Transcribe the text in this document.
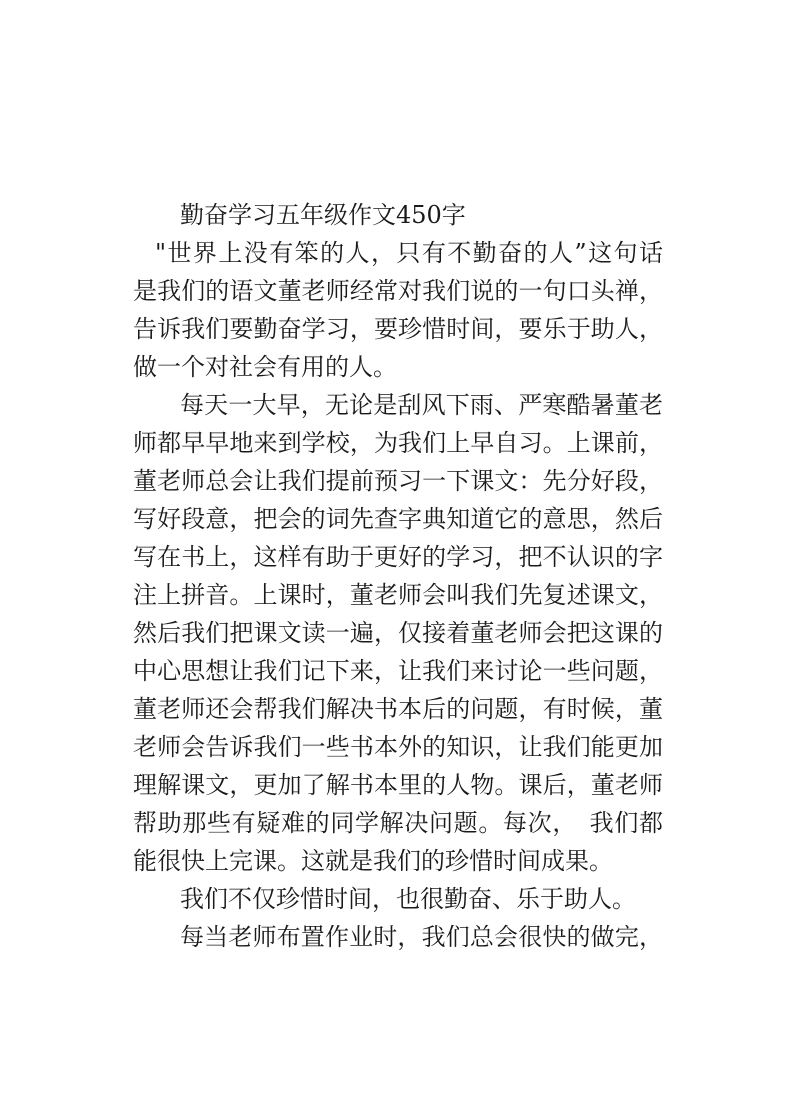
勤奋学习五年级作文450字
"世界上没有笨的人，只有不勤奋的人”这句话
是我们的语文董老师经常对我们说的一句口头禅，
告诉我们要勤奋学习，要珍惜时间，要乐于助人，
做一个对社会有用的人。
每天一大早，无论是刮风下雨、严寒酷暑董老
师都早早地来到学校，为我们上早自习。上课前，
董老师总会让我们提前预习一下课文：先分好段，
写好段意，把会的词先查字典知道它的意思，然后
写在书上，这样有助于更好的学习，把不认识的字
注上拼音。上课时，董老师会叫我们先复述课文，
然后我们把课文读一遍，仅接着董老师会把这课的
中心思想让我们记下来，让我们来讨论一些问题，
董老师还会帮我们解决书本后的问题，有时候，董
老师会告诉我们一些书本外的知识，让我们能更加
理解课文，更加了解书本里的人物。课后，董老师
帮助那些有疑难的同学解决问题。每次，　我们都
能很快上完课。这就是我们的珍惜时间成果。
我们不仅珍惜时间，也很勤奋、乐于助人。
每当老师布置作业时，我们总会很快的做完，
